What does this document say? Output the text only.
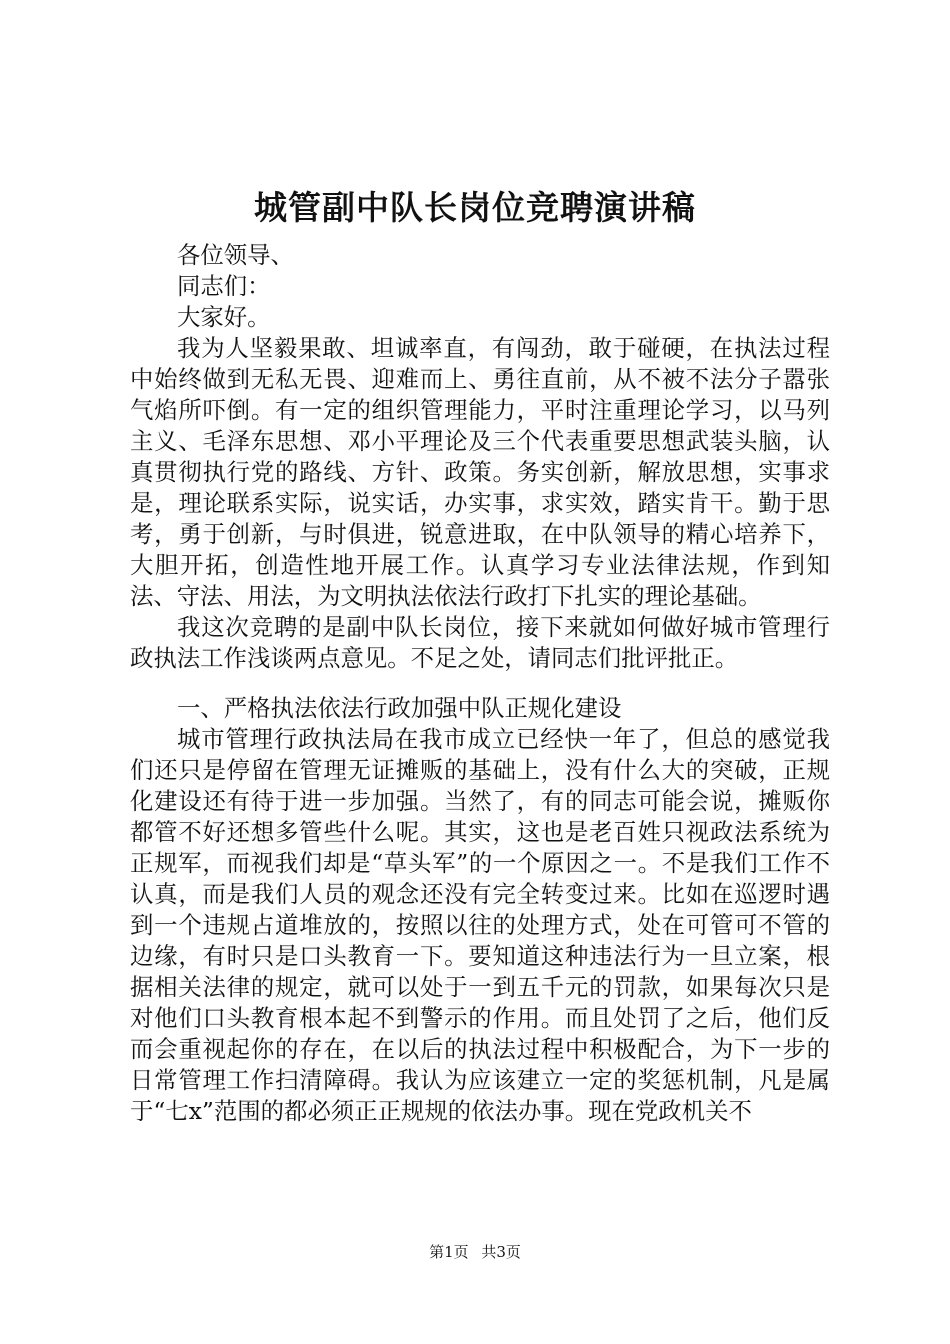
城管副中队长岗位竞聘演讲稿

各位领导、

同志们：

大家好。

我为人坚毅果敢、坦诚率直，有闯劲，敢于碰硬，在执法过程中始终做到无私无畏、迎难而上、勇往直前，从不被不法分子嚣张气焰所吓倒。有一定的组织管理能力，平时注重理论学习，以马列主义、毛泽东思想、邓小平理论及三个代表重要思想武装头脑，认真贯彻执行党的路线、方针、政策。务实创新，解放思想，实事求是，理论联系实际，说实话，办实事，求实效，踏实肯干。勤于思考，勇于创新，与时俱进，锐意进取，在中队领导的精心培养下，大胆开拓，创造性地开展工作。认真学习专业法律法规，作到知法、守法、用法，为文明执法依法行政打下扎实的理论基础。

我这次竞聘的是副中队长岗位，接下来就如何做好城市管理行政执法工作浅谈两点意见。不足之处，请同志们批评批正。

一、严格执法依法行政加强中队正规化建设

城市管理行政执法局在我市成立已经快一年了，但总的感觉我们还只是停留在管理无证摊贩的基础上，没有什么大的突破，正规化建设还有待于进一步加强。当然了，有的同志可能会说，摊贩你都管不好还想多管些什么呢。其实，这也是老百姓只视政法系统为正规军，而视我们却是“草头军”的一个原因之一。不是我们工作不认真，而是我们人员的观念还没有完全转变过来。比如在巡逻时遇到一个违规占道堆放的，按照以往的处理方式，处在可管可不管的边缘，有时只是口头教育一下。要知道这种违法行为一旦立案，根据相关法律的规定，就可以处于一到五千元的罚款，如果每次只是对他们口头教育根本起不到警示的作用。而且处罚了之后，他们反而会重视起你的存在，在以后的执法过程中积极配合，为下一步的日常管理工作扫清障碍。我认为应该建立一定的奖惩机制，凡是属于“七x”范围的都必须正正规规的依法办事。现在党政机关不

第1页 共3页
